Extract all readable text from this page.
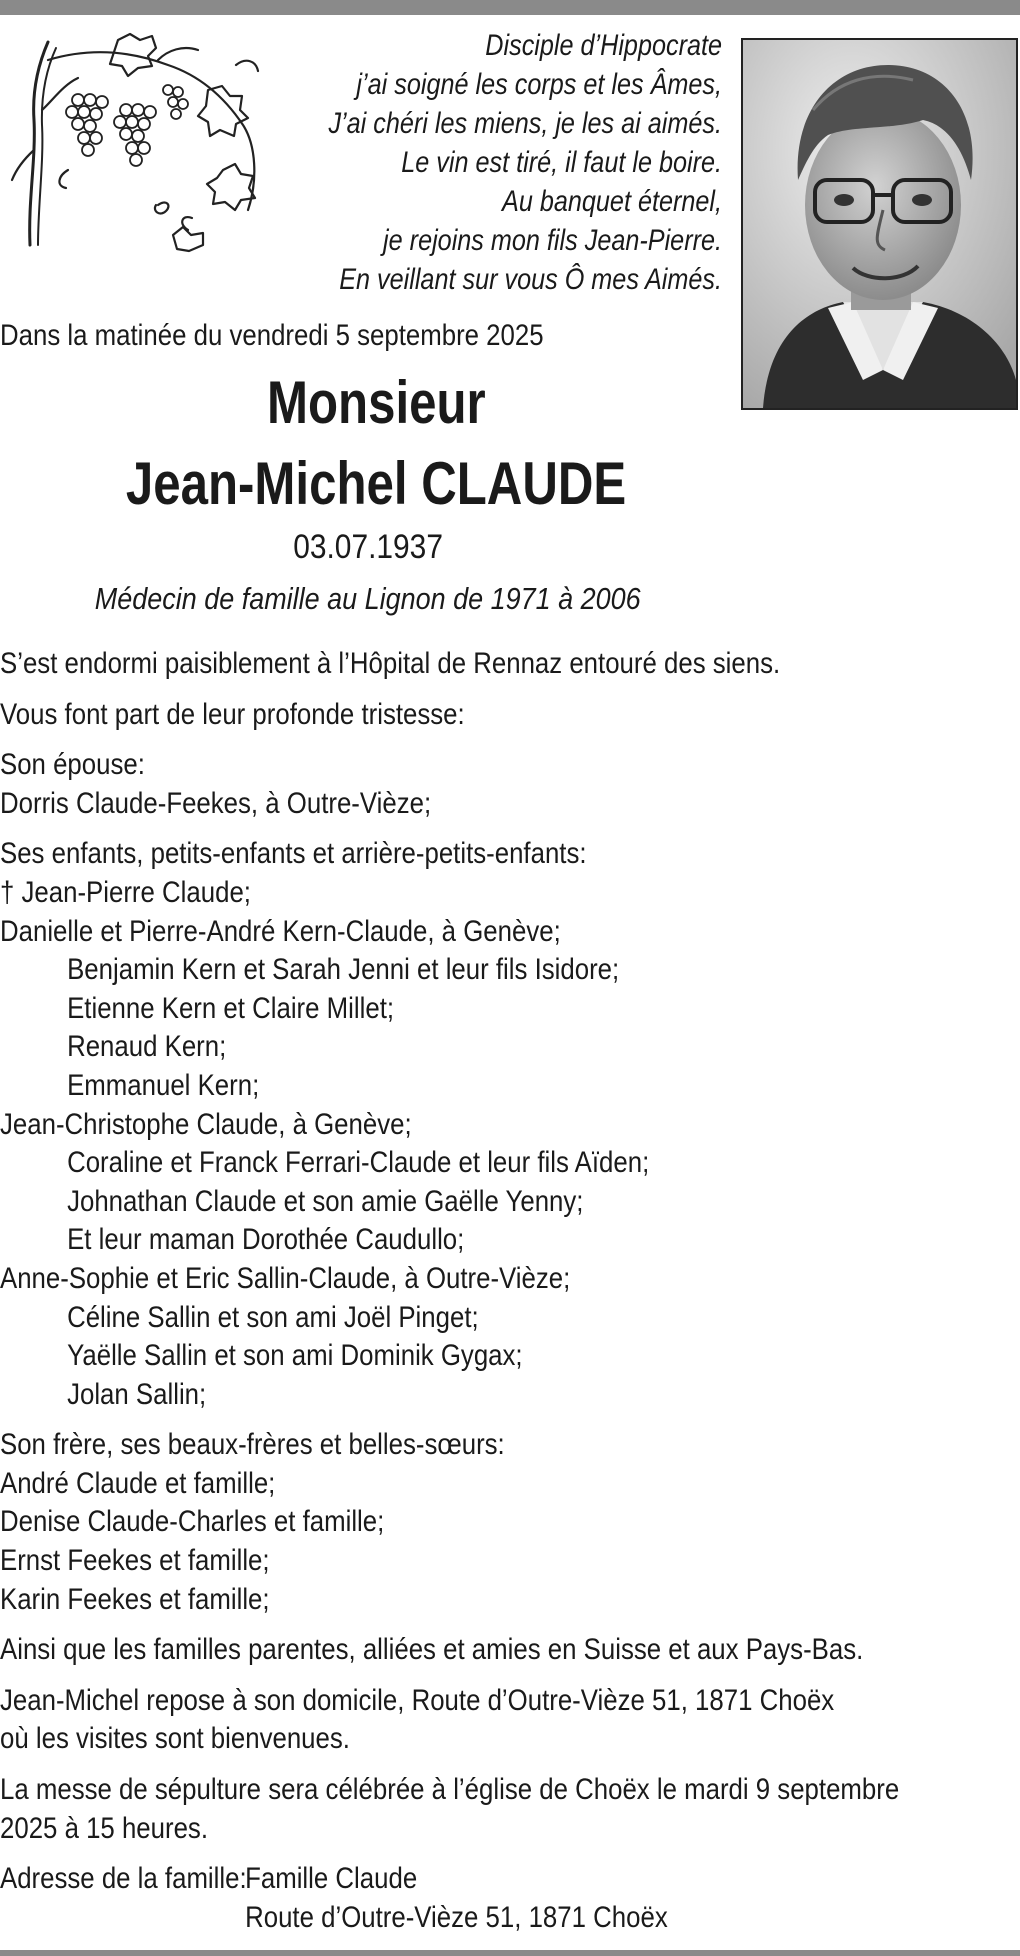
Disciple d’Hippocrate
j’ai soigné les corps et les Âmes,
J’ai chéri les miens, je les ai aimés.
Le vin est tiré, il faut le boire.
Au banquet éternel,
je rejoins mon fils Jean-Pierre.
En veillant sur vous Ô mes Aimés.
Dans la matinée du vendredi 5 septembre 2025
Monsieur
Jean-Michel CLAUDE
03.07.1937
Médecin de famille au Lignon de 1971 à 2006
S’est endormi paisiblement à l’Hôpital de Rennaz entouré des siens.
Vous font part de leur profonde tristesse:
Son épouse:
Dorris Claude-Feekes, à Outre-Vièze;
Ses enfants, petits-enfants et arrière-petits-enfants:
† Jean-Pierre Claude;
Danielle et Pierre-André Kern-Claude, à Genève;
Benjamin Kern et Sarah Jenni et leur fils Isidore;
Etienne Kern et Claire Millet;
Renaud Kern;
Emmanuel Kern;
Jean-Christophe Claude, à Genève;
Coraline et Franck Ferrari-Claude et leur fils Aïden;
Johnathan Claude et son amie Gaëlle Yenny;
Et leur maman Dorothée Caudullo;
Anne-Sophie et Eric Sallin-Claude, à Outre-Vièze;
Céline Sallin et son ami Joël Pinget;
Yaëlle Sallin et son ami Dominik Gygax;
Jolan Sallin;
Son frère, ses beaux-frères et belles-sœurs:
André Claude et famille;
Denise Claude-Charles et famille;
Ernst Feekes et famille;
Karin Feekes et famille;
Ainsi que les familles parentes, alliées et amies en Suisse et aux Pays-Bas.
Jean-Michel repose à son domicile, Route d’Outre-Vièze 51, 1871 Choëx
où les visites sont bienvenues.
La messe de sépulture sera célébrée à l’église de Choëx le mardi 9 septembre
2025 à 15 heures.
Adresse de la famille:
Famille Claude
Route d’Outre-Vièze 51, 1871 Choëx
